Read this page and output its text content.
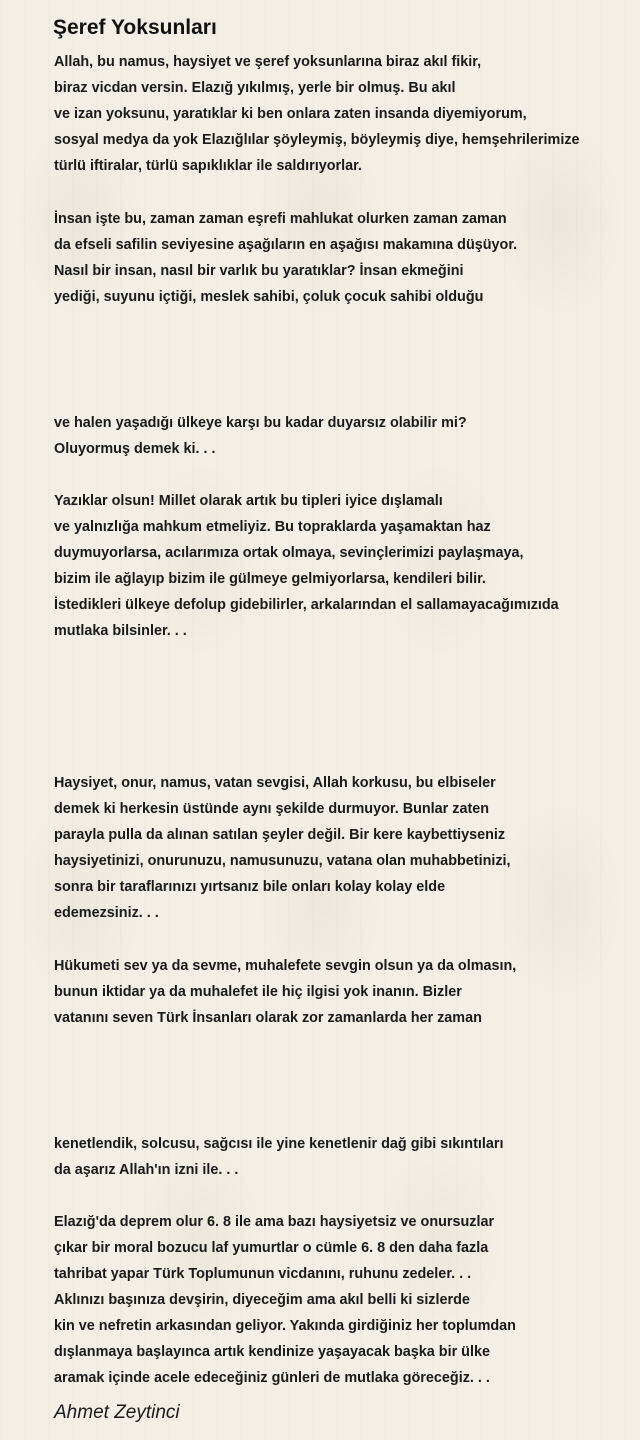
Şeref Yoksunları
Allah, bu namus, haysiyet ve şeref yoksunlarına biraz akıl fikir,
biraz vicdan versin. Elazığ yıkılmış, yerle bir olmuş. Bu akıl
ve izan yoksunu, yaratıklar ki ben onlara zaten insanda diyemiyorum,
sosyal medya da yok Elazığlılar şöyleymiş, böyleymiş diye, hemşehrilerimize
türlü iftiralar, türlü sapıklıklar ile saldırıyorlar.
İnsan işte bu, zaman zaman eşrefi mahlukat olurken zaman zaman
da efseli safilin seviyesine aşağıların en aşağısı makamına düşüyor.
Nasıl bir insan, nasıl bir varlık bu yaratıklar? İnsan ekmeğini
yediği, suyunu içtiği, meslek sahibi, çoluk çocuk sahibi olduğu
ve halen yaşadığı ülkeye karşı bu kadar duyarsız olabilir mi?
Oluyormuş demek ki. . .
Yazıklar olsun! Millet olarak artık bu tipleri iyice dışlamalı
ve yalnızlığa mahkum etmeliyiz. Bu topraklarda yaşamaktan haz
duymuyorlarsa, acılarımıza ortak olmaya, sevinçlerimizi paylaşmaya,
bizim ile ağlayıp bizim ile gülmeye gelmiyorlarsa, kendileri bilir.
İstedikleri ülkeye defolup gidebilirler, arkalarından el sallamayacağımızıda
mutlaka bilsinler. . .
Haysiyet, onur, namus, vatan sevgisi, Allah korkusu, bu elbiseler
demek ki herkesin üstünde aynı şekilde durmuyor. Bunlar zaten
parayla pulla da alınan satılan şeyler değil. Bir kere kaybettiyseniz
haysiyetinizi, onurunuzu, namusunuzu, vatana olan muhabbetinizi,
sonra bir taraflarınızı yırtsanız bile onları kolay kolay elde
edemezsiniz. . .
Hükumeti sev ya da sevme, muhalefete sevgin olsun ya da olmasın,
bunun iktidar ya da muhalefet ile hiç ilgisi yok inanın. Bizler
vatanını seven Türk İnsanları olarak zor zamanlarda her zaman
kenetlendik, solcusu, sağcısı ile yine kenetlenir dağ gibi sıkıntıları
da aşarız Allah'ın izni ile. . .
Elazığ'da deprem olur 6. 8 ile ama bazı haysiyetsiz ve onursuzlar
çıkar bir moral bozucu laf yumurtlar o cümle 6. 8 den daha fazla
tahribat yapar Türk Toplumunun vicdanını, ruhunu zedeler. . .
Aklınızı başınıza devşirin, diyeceğim ama akıl belli ki sizlerde
kin ve nefretin arkasından geliyor. Yakında girdiğiniz her toplumdan
dışlanmaya başlayınca artık kendinize yaşayacak başka bir ülke
aramak içinde acele edeceğiniz günleri de mutlaka göreceğiz. . .
Ahmet Zeytinci
